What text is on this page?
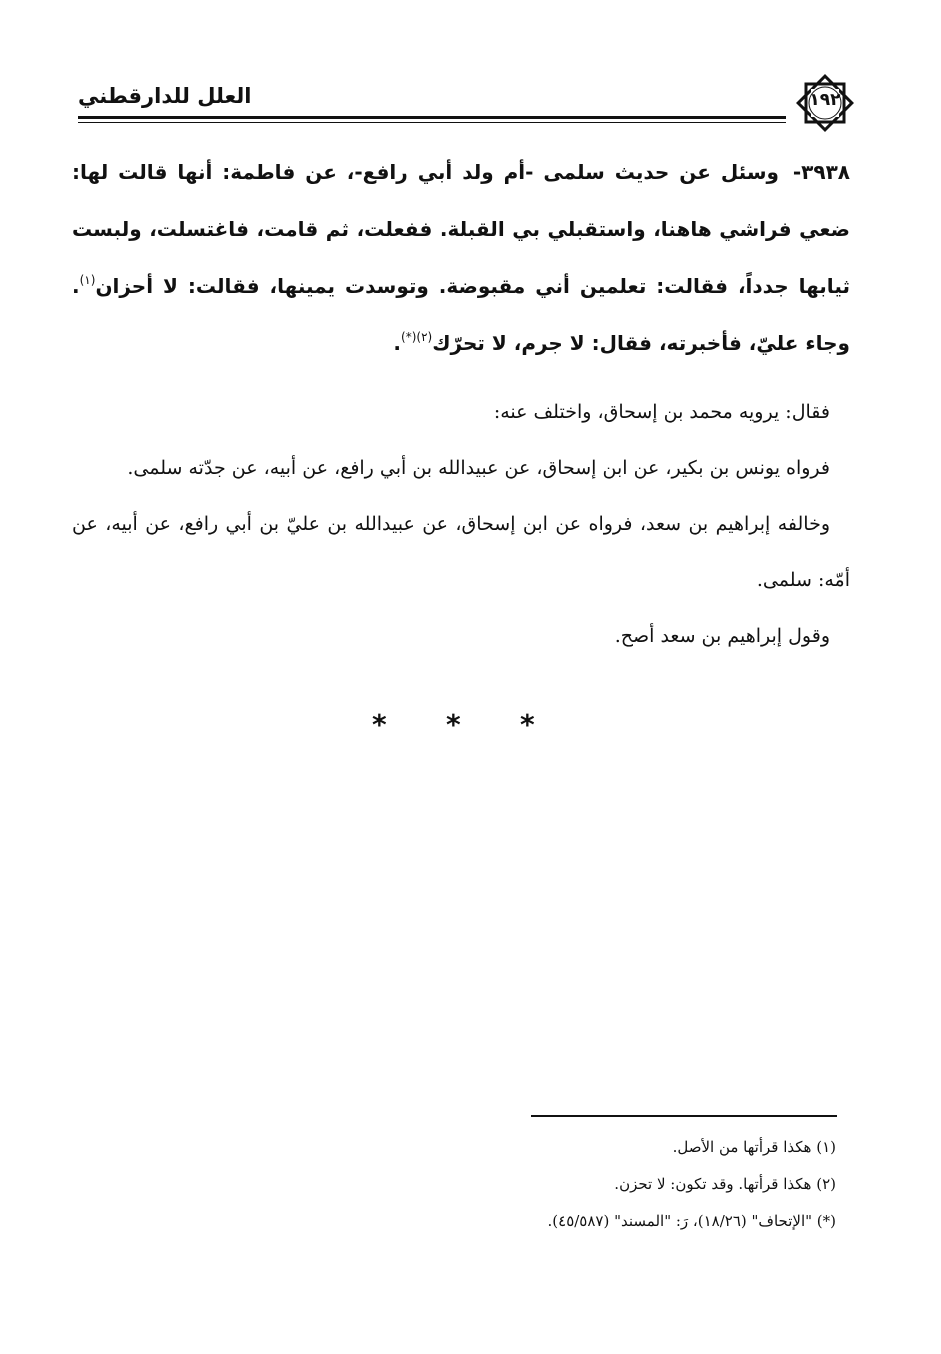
العلل للدارقطني	١٩٢

٣٩٣٨- وسئل عن حديث سلمى -أم ولد أبي رافع-، عن فاطمة: أنها قالت لها: ضعي فراشي هاهنا، واستقبلي بي القبلة. ففعلت، ثم قامت، فاغتسلت، ولبست ثيابها جدداً، فقالت: تعلمين أني مقبوضة. وتوسدت يمينها، فقالت: لا أحزان$^{(١)}$. وجاء عليّ، فأخبرته، فقال: لا جرم، لا تحرّك$^{(٢)(*)}$.

فقال: يرويه محمد بن إسحاق، واختلف عنه:

فرواه يونس بن بكير، عن ابن إسحاق، عن عبيدالله بن أبي رافع، عن أبيه، عن جدّته سلمى.

وخالفه إبراهيم بن سعد، فرواه عن ابن إسحاق، عن عبيدالله بن عليّ بن أبي رافع، عن أبيه، عن أمّه: سلمى.

وقول إبراهيم بن سعد أصح.

* * *

(١) هكذا قرأتها من الأصل.

(٢) هكذا قرأتها. وقد تكون: لا تحزن.

(*) "الإتحاف" (١٨/٢٦)، رَ: "المسند" (٤٥/٥٨٧).
